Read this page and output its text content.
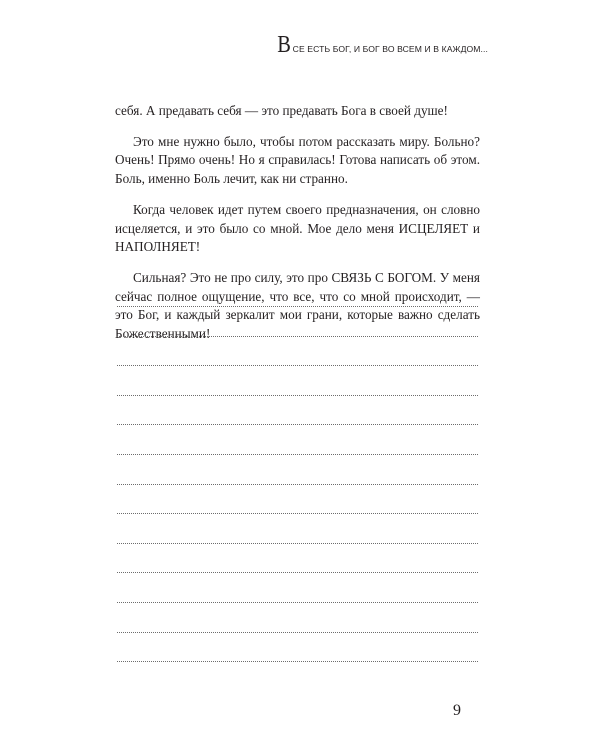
В СЕ ЕСТЬ БОГ, И БОГ ВО ВСЕМ И В КАЖДОМ...

себя. А предавать себя — это предавать Бога в своей душе!

Это мне нужно было, чтобы потом рассказать миру. Больно? Очень! Прямо очень! Но я справилась! Готова написать об этом. Боль, именно Боль лечит, как ни странно.

Когда человек идет путем своего предназначения, он словно исцеляется, и это было со мной. Мое дело меня ИСЦЕЛЯЕТ и НАПОЛНЯЕТ!

Сильная? Это не про силу, это про СВЯЗЬ С БОГОМ. У меня сейчас полное ощущение, что все, что со мной происходит, — это Бог, и каждый зеркалит мои грани, которые важно сделать Божественными!

9
